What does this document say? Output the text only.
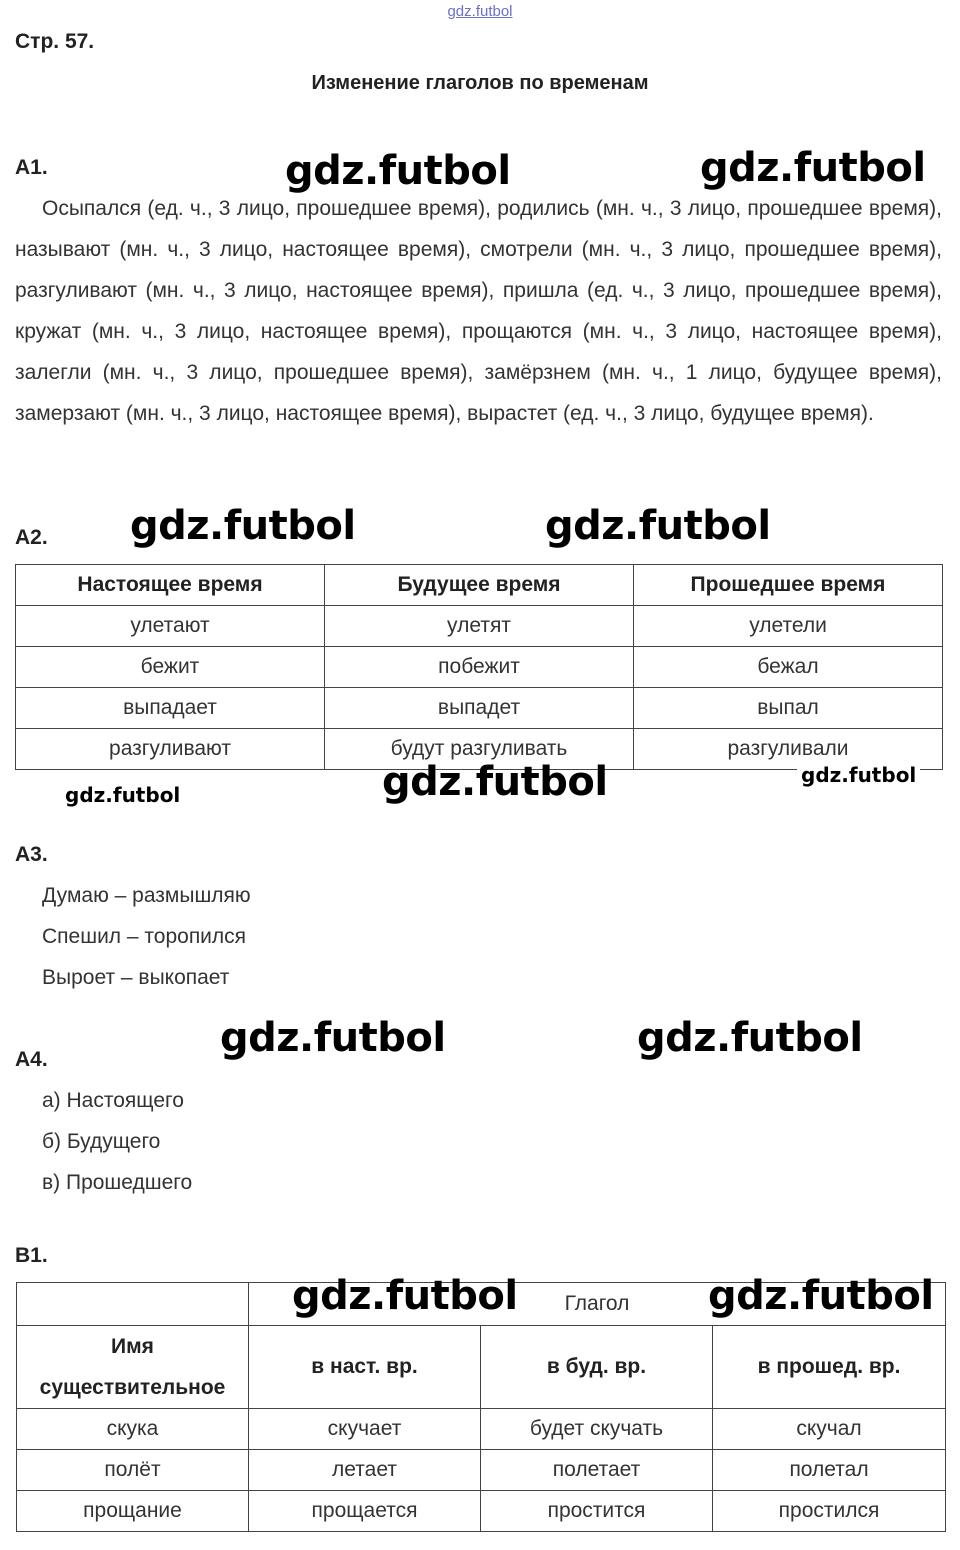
gdz.futbol
Стр. 57.
Изменение глаголов по временам
А1.	gdz.futbol	gdz.futbol
Осыпался (ед. ч., 3 лицо, прошедшее время), родились (мн. ч., 3 лицо, прошедшее время), называют (мн. ч., 3 лицо, настоящее время), смотрели (мн. ч., 3 лицо, прошедшее время), разгуливают (мн. ч., 3 лицо, настоящее время), пришла (ед. ч., 3 лицо, прошедшее время), кружат (мн. ч., 3 лицо, настоящее время), прощаются (мн. ч., 3 лицо, настоящее время), залегли (мн. ч., 3 лицо, прошедшее время), замёрзнем (мн. ч., 1 лицо, будущее время), замерзают (мн. ч., 3 лицо, настоящее время), вырастет (ед. ч., 3 лицо, будущее время).
А2. gdz.futbol	gdz.futbol
Настоящее время	Будущее время	Прошедшее время
улетают	улетят	улетели
бежит	побежит	бежал
выпадает	выпадет	выпал
разгуливают	будут разгуливать	разгуливали
gdz.futbol	gdz.futbol	gdz.futbol
А3.
Думаю – размышляю
Спешил – торопился
Выроет – выкопает
А4.	gdz.futbol	gdz.futbol
а) Настоящего
б) Будущего
в) Прошедшего
В1.
	Глагол		
Имя существительное	в наст. вр.	в буд. вр.	в прошед. вр.
скука	скучает	будет скучать	скучал
полёт	летает	полетает	полетал
прощание	прощается	простится	простился
gdz.futbol	gdz.futbol
